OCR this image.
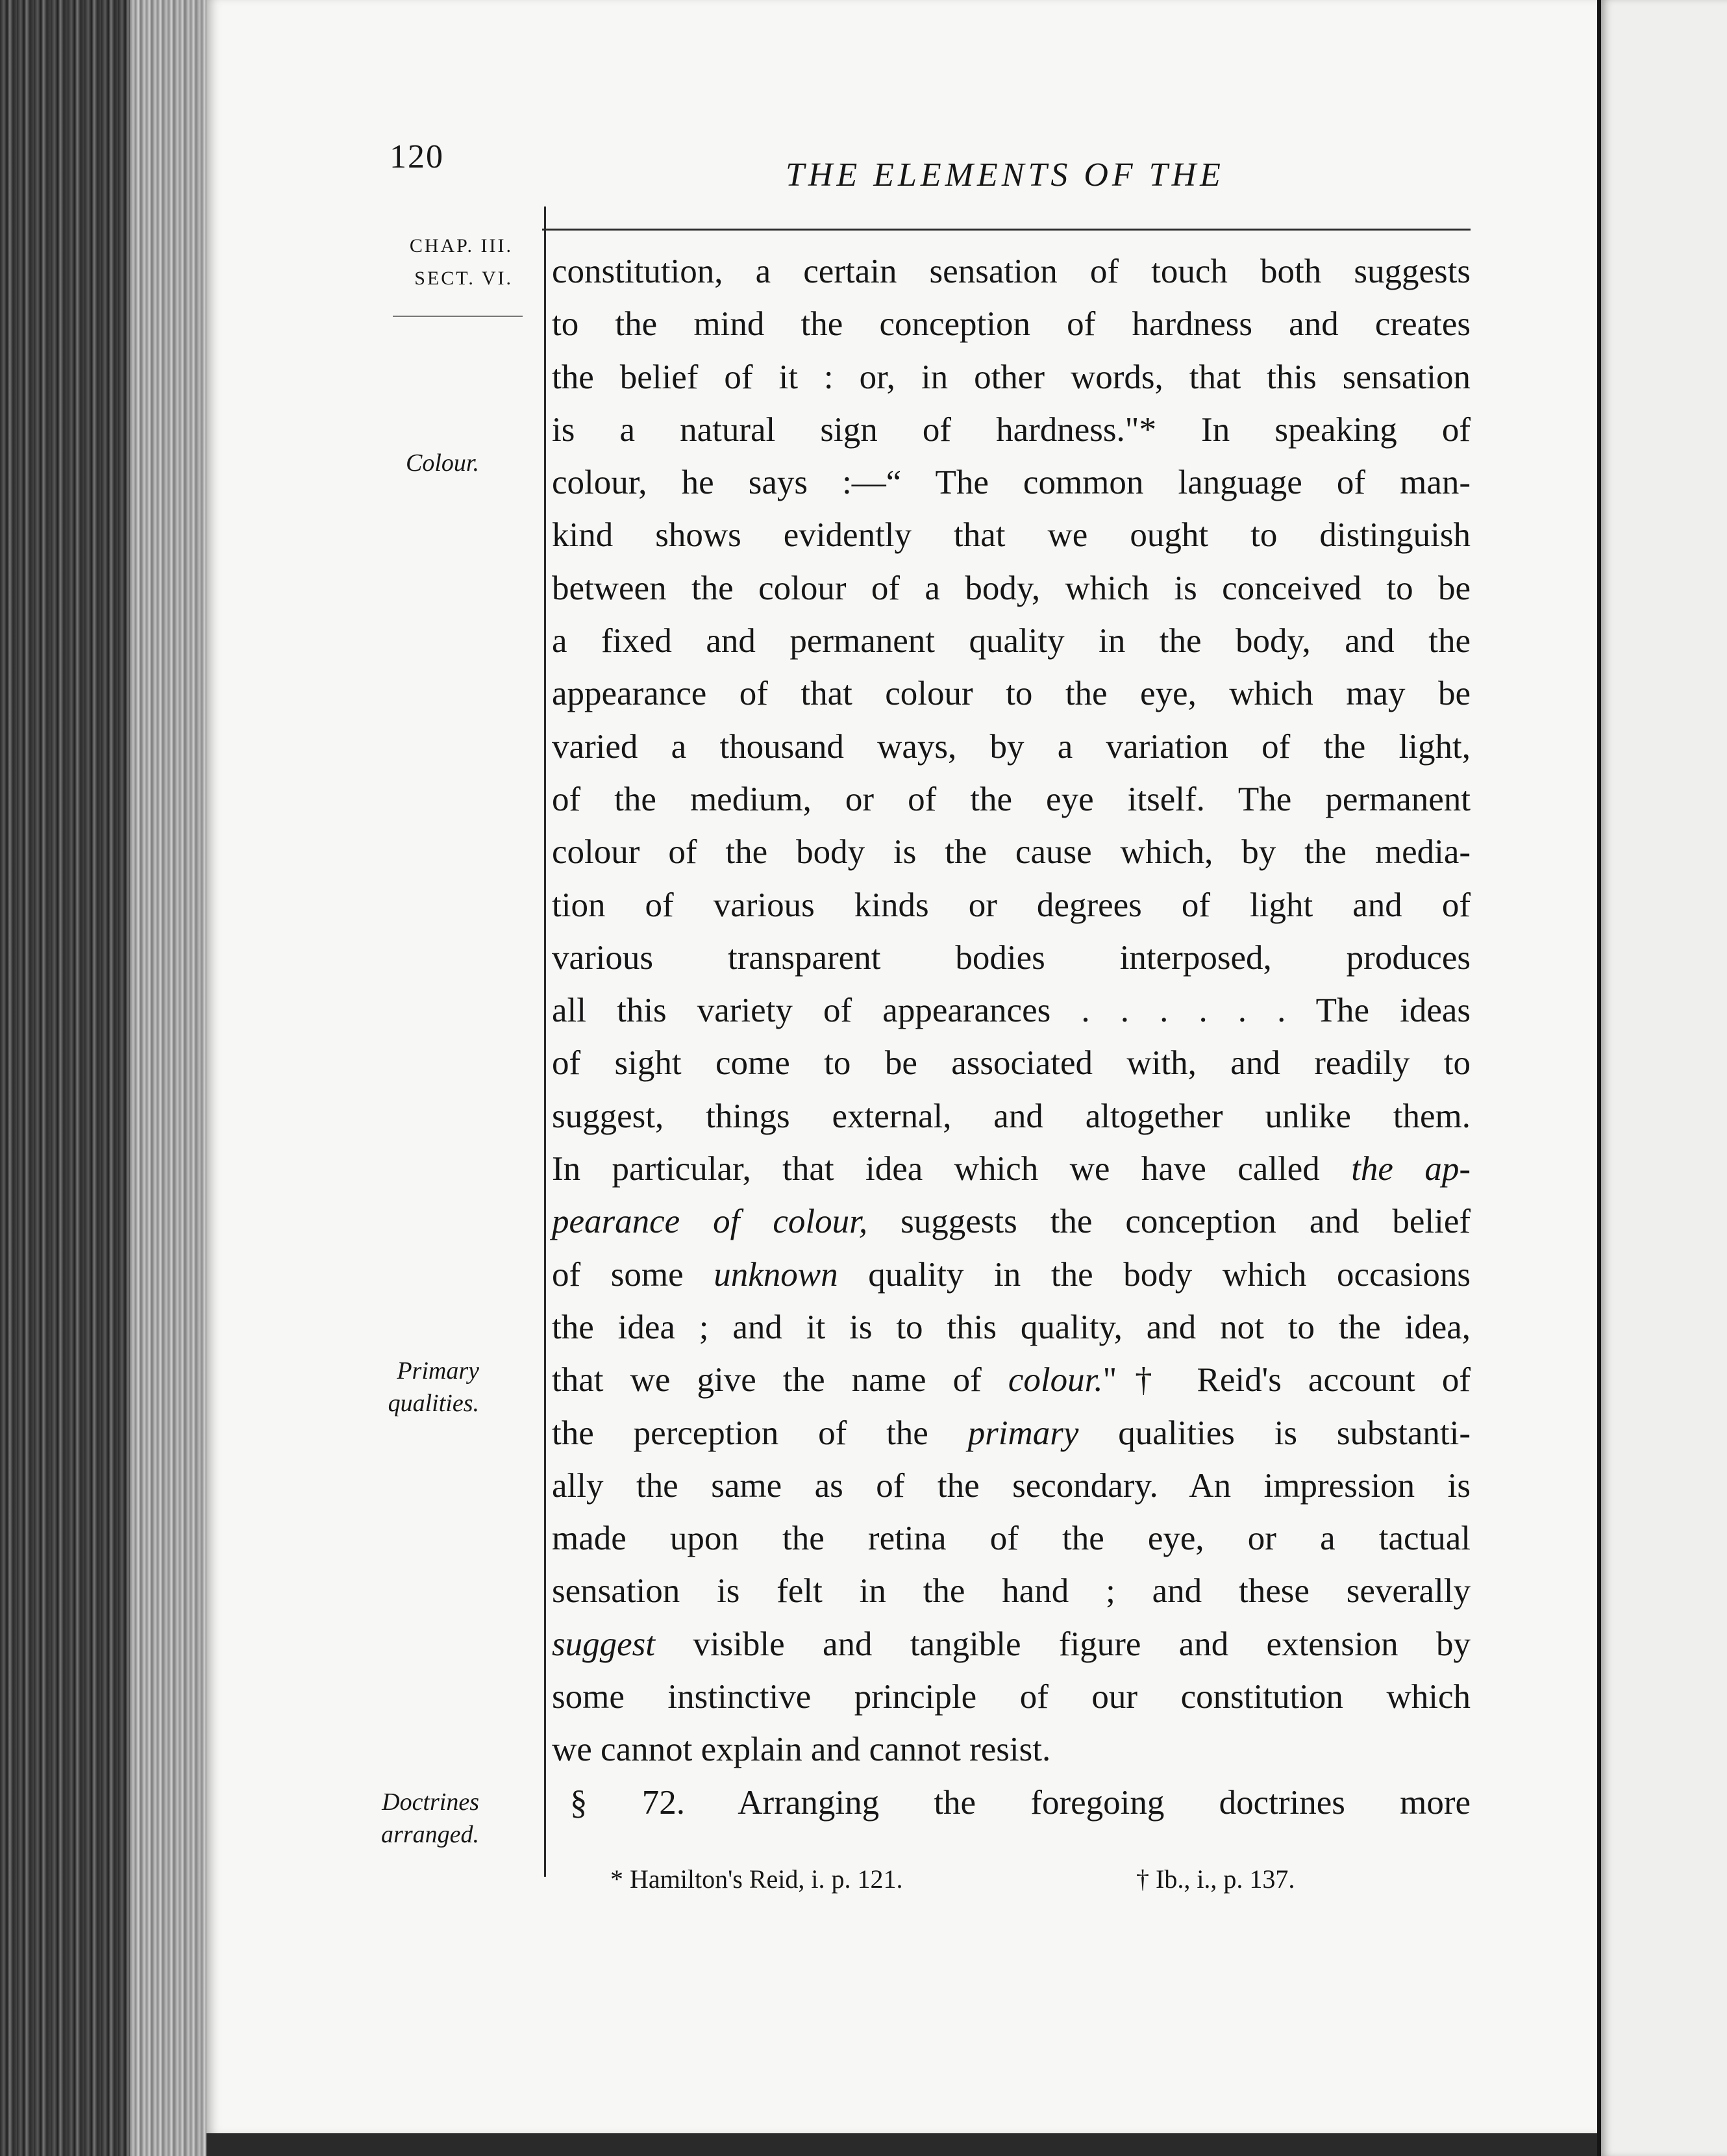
120	THE ELEMENTS OF THE
CHAP. III.
SECT. VI.
Colour.
Primary
qualities.
Doctrines
arranged.
constitution, a certain sensation of touch both suggests
to the mind the conception of hardness and creates
the belief of it : or, in other words, that this sensation
is a natural sign of hardness."* In speaking of
colour, he says :—“ The common language of man-
kind shows evidently that we ought to distinguish
between the colour of a body, which is conceived to be
a fixed and permanent quality in the body, and the
appearance of that colour to the eye, which may be
varied a thousand ways, by a variation of the light,
of the medium, or of the eye itself. The permanent
colour of the body is the cause which, by the media-
tion of various kinds or degrees of light and of
various transparent bodies interposed, produces
all this variety of appearances . . . . . . The ideas
of sight come to be associated with, and readily to
suggest, things external, and altogether unlike them.
In particular, that idea which we have called the ap-
pearance of colour, suggests the conception and belief
of some unknown quality in the body which occasions
the idea ; and it is to this quality, and not to the idea,
that we give the name of colour."† Reid's account of
the perception of the primary qualities is substanti-
ally the same as of the secondary. An impression is
made upon the retina of the eye, or a tactual
sensation is felt in the hand ; and these severally
suggest visible and tangible figure and extension by
some instinctive principle of our constitution which
we cannot explain and cannot resist.
§ 72. Arranging the foregoing doctrines more
* Hamilton's Reid, i. p. 121.	† Ib., i., p. 137.
